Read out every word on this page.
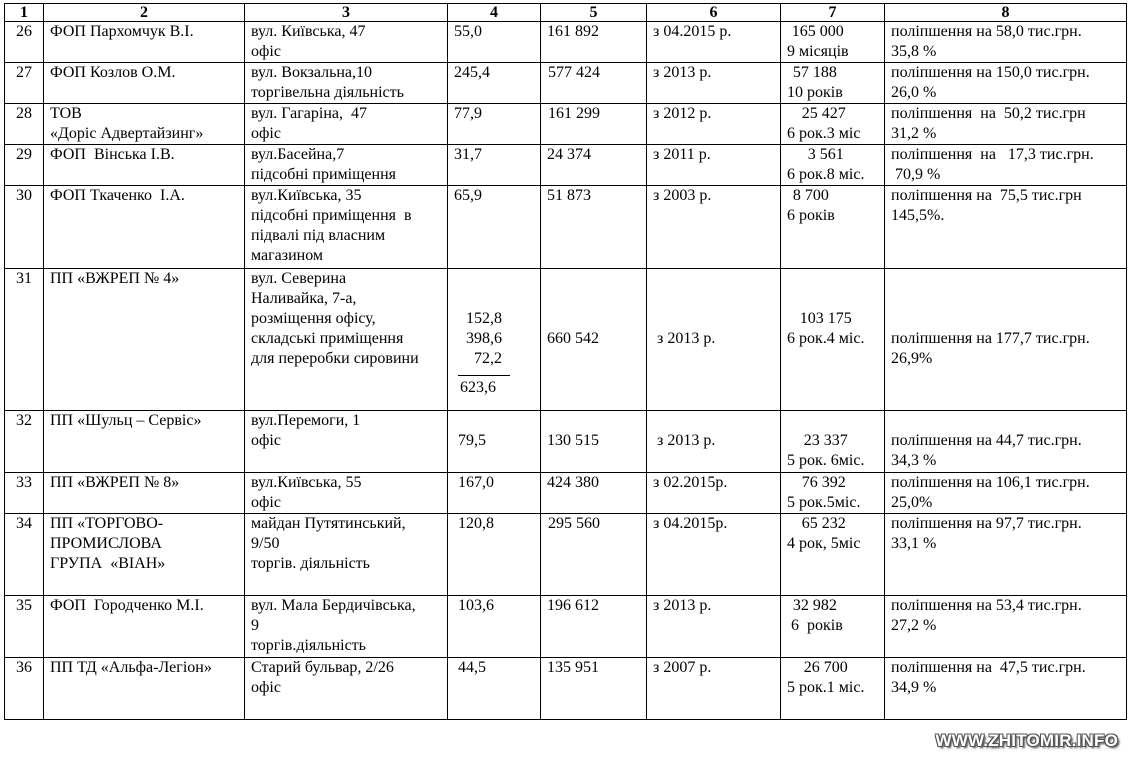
1	2	3	4	5	6	7	8

26	ФОП Пархомчук В.І.	вул. Київська, 47
офіс	55,0	161 892	з 04.2015 р.	165 000
9 місяців	поліпшення на 58,0 тис.грн.
35,8 %

27	ФОП Козлов О.М.	вул. Вокзальна,10
торгівельна діяльність	245,4	577 424	з 2013 р.	57 188
10 років	поліпшення на 150,0 тис.грн.
26,0 %

28	ТОВ
«Доріс Адвертайзинг»	вул. Гагаріна,  47
офіс	77,9	161 299	з 2012 р.	25 427
6 рок.3 міс	поліпшення  на  50,2 тис.грн
31,2 %

29	ФОП  Вінська І.В.	вул.Басейна,7
підсобні приміщення	31,7	24 374	з 2011 р.	3 561
6 рок.8 міс.	поліпшення  на   17,3 тис.грн.
70,9 %

30	ФОП Ткаченко  І.А.	вул.Київська, 35
підсобні приміщення  в
підвалі під власним
магазином	65,9	51 873	з 2003 р.	8 700
6 років	поліпшення на  75,5 тис.грн
145,5%.

31	ПП «ВЖРЕП № 4»	вул. Северина
Наливайка, 7-а,
розміщення офісу,
складські приміщення
для переробки сировини	152,8
398,6
72,2
623,6	660 542	з 2013 р.	103 175
6 рок.4 міс.	поліпшення на 177,7 тис.грн.
26,9%

32	ПП «Шульц – Сервіс»	вул.Перемоги, 1
офіс	79,5	130 515	з 2013 р.	23 337
5 рок. 6міс.	поліпшення на 44,7 тис.грн.
34,3 %

33	ПП «ВЖРЕП № 8»	вул.Київська, 55
офіс	167,0	424 380	з 02.2015р.	76 392
5 рок.5міс.	поліпшення на 106,1 тис.грн.
25,0%

34	ПП «ТОРГОВО-
ПРОМИСЛОВА
ГРУПА  «ВІАН»	майдан Путятинський,
9/50
торгів. діяльність	120,8	295 560	з 04.2015р.	65 232
4 рок, 5міс	поліпшення на 97,7 тис.грн.
33,1 %

35	ФОП  Городченко М.І.	вул. Мала Бердичівська,
9
торгів.діяльність	103,6	196 612	з 2013 р.	32 982
6  років	поліпшення на 53,4 тис.грн.
27,2 %

36	ПП ТД «Альфа-Легіон»	Старий бульвар, 2/26
офіс	44,5	135 951	з 2007 р.	26 700
5 рок.1 міс.	поліпшення на  47,5 тис.грн.
34,9 %
WWW.ZHITOMIR.INFO
